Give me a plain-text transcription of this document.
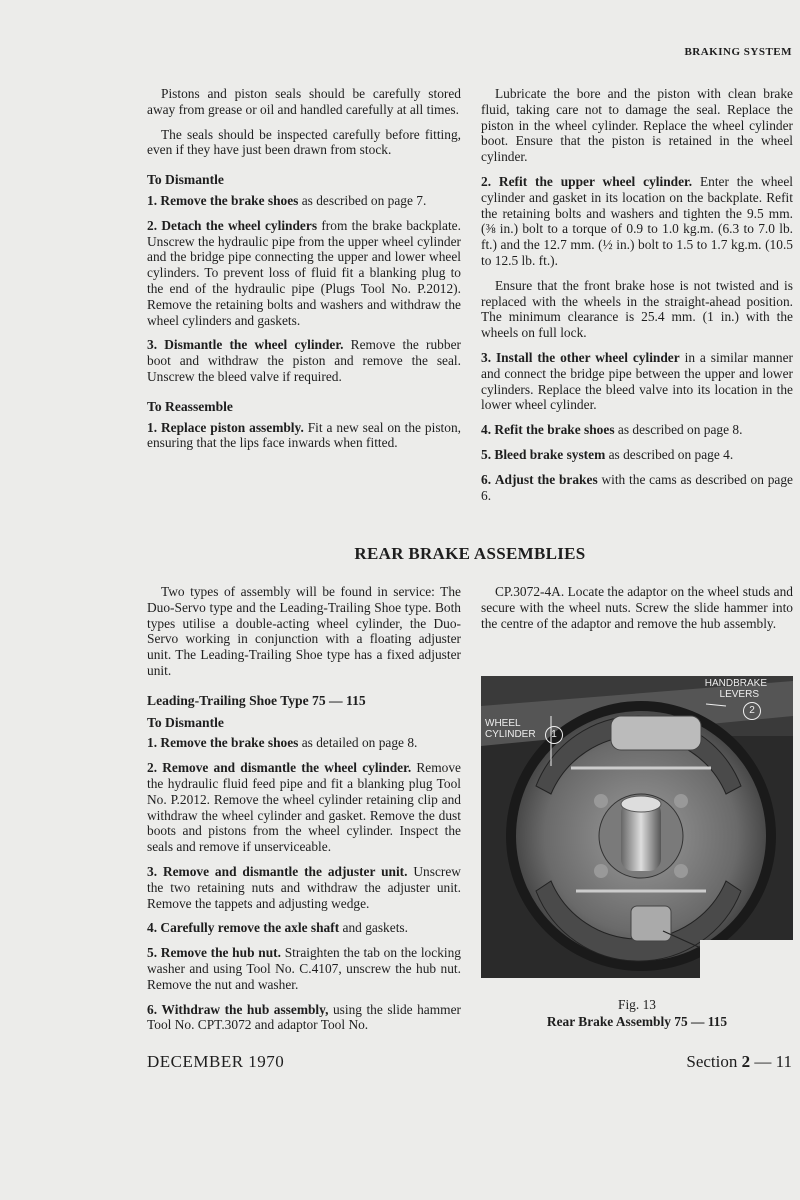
BRAKING SYSTEM

Pistons and piston seals should be carefully stored away from grease or oil and handled carefully at all times.

The seals should be inspected carefully before fitting, even if they have just been drawn from stock.

To Dismantle

1. Remove the brake shoes as described on page 7.

2. Detach the wheel cylinders from the brake backplate. Unscrew the hydraulic pipe from the upper wheel cylinder and the bridge pipe connecting the upper and lower wheel cylinders. To prevent loss of fluid fit a blanking plug to the end of the hydraulic pipe (Plugs Tool No. P.2012). Remove the retaining bolts and washers and withdraw the wheel cylinders and gaskets.

3. Dismantle the wheel cylinder. Remove the rubber boot and withdraw the piston and remove the seal. Unscrew the bleed valve if required.

To Reassemble

1. Replace piston assembly. Fit a new seal on the piston, ensuring that the lips face inwards when fitted.

Lubricate the bore and the piston with clean brake fluid, taking care not to damage the seal. Replace the piston in the wheel cylinder. Replace the wheel cylinder boot. Ensure that the piston is retained in the wheel cylinder.

2. Refit the upper wheel cylinder. Enter the wheel cylinder and gasket in its location on the backplate. Refit the retaining bolts and washers and tighten the 9.5 mm. (⅜ in.) bolt to a torque of 0.9 to 1.0 kg.m. (6.3 to 7.0 lb. ft.) and the 12.7 mm. (½ in.) bolt to 1.5 to 1.7 kg.m. (10.5 to 12.5 lb. ft.).

Ensure that the front brake hose is not twisted and is replaced with the wheels in the straight-ahead position. The minimum clearance is 25.4 mm. (1 in.) with the wheels on full lock.

3. Install the other wheel cylinder in a similar manner and connect the bridge pipe between the upper and lower cylinders. Replace the bleed valve into its location in the lower wheel cylinder.

4. Refit the brake shoes as described on page 8.

5. Bleed brake system as described on page 4.

6. Adjust the brakes with the cams as described on page 6.

REAR BRAKE ASSEMBLIES

Two types of assembly will be found in service: The Duo-Servo type and the Leading-Trailing Shoe type. Both types utilise a double-acting wheel cylinder, the Duo-Servo working in conjunction with a floating adjuster unit. The Leading-Trailing Shoe type has a fixed adjuster unit.

Leading-Trailing Shoe Type 75 — 115
To Dismantle

1. Remove the brake shoes as detailed on page 8.

2. Remove and dismantle the wheel cylinder. Remove the hydraulic fluid feed pipe and fit a blanking plug Tool No. P.2012. Remove the wheel cylinder retaining clip and withdraw the wheel cylinder and gasket. Remove the dust boots and pistons from the wheel cylinder. Inspect the seals and remove if unserviceable.

3. Remove and dismantle the adjuster unit. Unscrew the two retaining nuts and withdraw the adjuster unit. Remove the tappets and adjusting wedge.

4. Carefully remove the axle shaft and gaskets.

5. Remove the hub nut. Straighten the tab on the locking washer and using Tool No. C.4107, unscrew the hub nut. Remove the nut and washer.

6. Withdraw the hub assembly, using the slide hammer Tool No. CPT.3072 and adaptor Tool No.

CP.3072-4A. Locate the adaptor on the wheel studs and secure with the wheel nuts. Screw the slide hammer into the centre of the adaptor and remove the hub assembly.

HANDBRAKE
LEVERS
2
WHEEL
CYLINDER	1
Fig. 13
Rear Brake Assembly 75 — 115
DECEMBER 1970	Section 2 — 11
